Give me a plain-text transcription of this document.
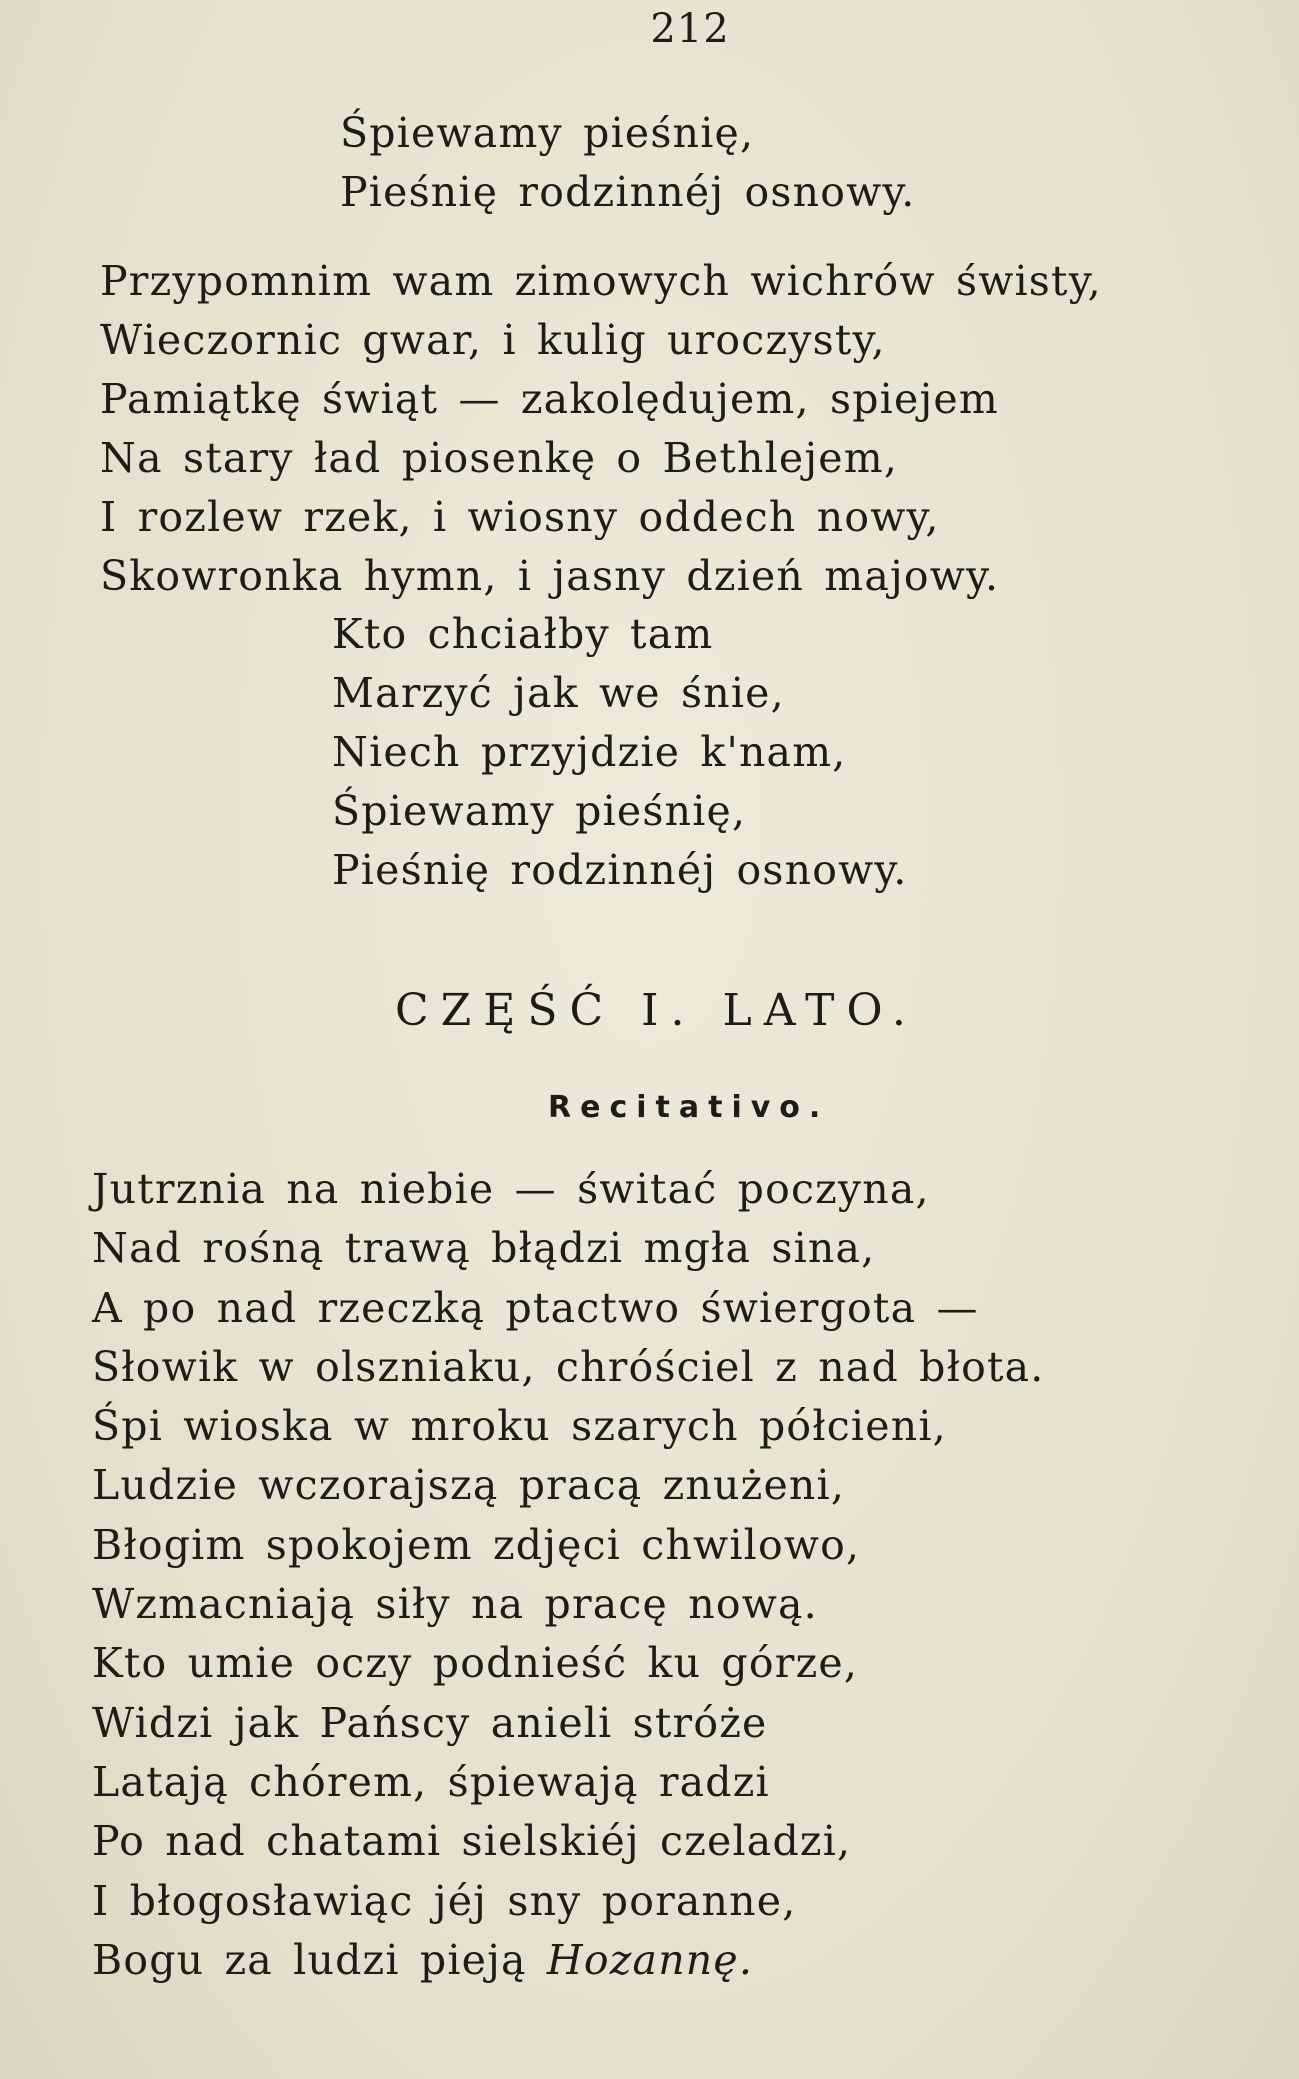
212
Śpiewamy pieśnię,
Pieśnię rodzinnéj osnowy.
Przypomnim wam zimowych wichrów świsty,
Wieczornic gwar, i kulig uroczysty,
Pamiątkę świąt — zakolędujem, spiejem
Na stary ład piosenkę o Bethlejem,
I rozlew rzek, i wiosny oddech nowy,
Skowronka hymn, i jasny dzień majowy.
Kto chciałby tam
Marzyć jak we śnie,
Niech przyjdzie k'nam,
Śpiewamy pieśnię,
Pieśnię rodzinnéj osnowy.
CZĘŚĆ I. LATO.
Recitativo.
Jutrznia na niebie — świtać poczyna,
Nad rośną trawą błądzi mgła sina,
A po nad rzeczką ptactwo świergota —
Słowik w olszniaku, chróściel z nad błota.
Śpi wioska w mroku szarych półcieni,
Ludzie wczorajszą pracą znużeni,
Błogim spokojem zdjęci chwilowo,
Wzmacniają siły na pracę nową.
Kto umie oczy podnieść ku górze,
Widzi jak Pańscy anieli stróże
Latają chórem, śpiewają radzi
Po nad chatami sielskiéj czeladzi,
I błogosławiąc jéj sny poranne,
Bogu za ludzi pieją Hozannę.
